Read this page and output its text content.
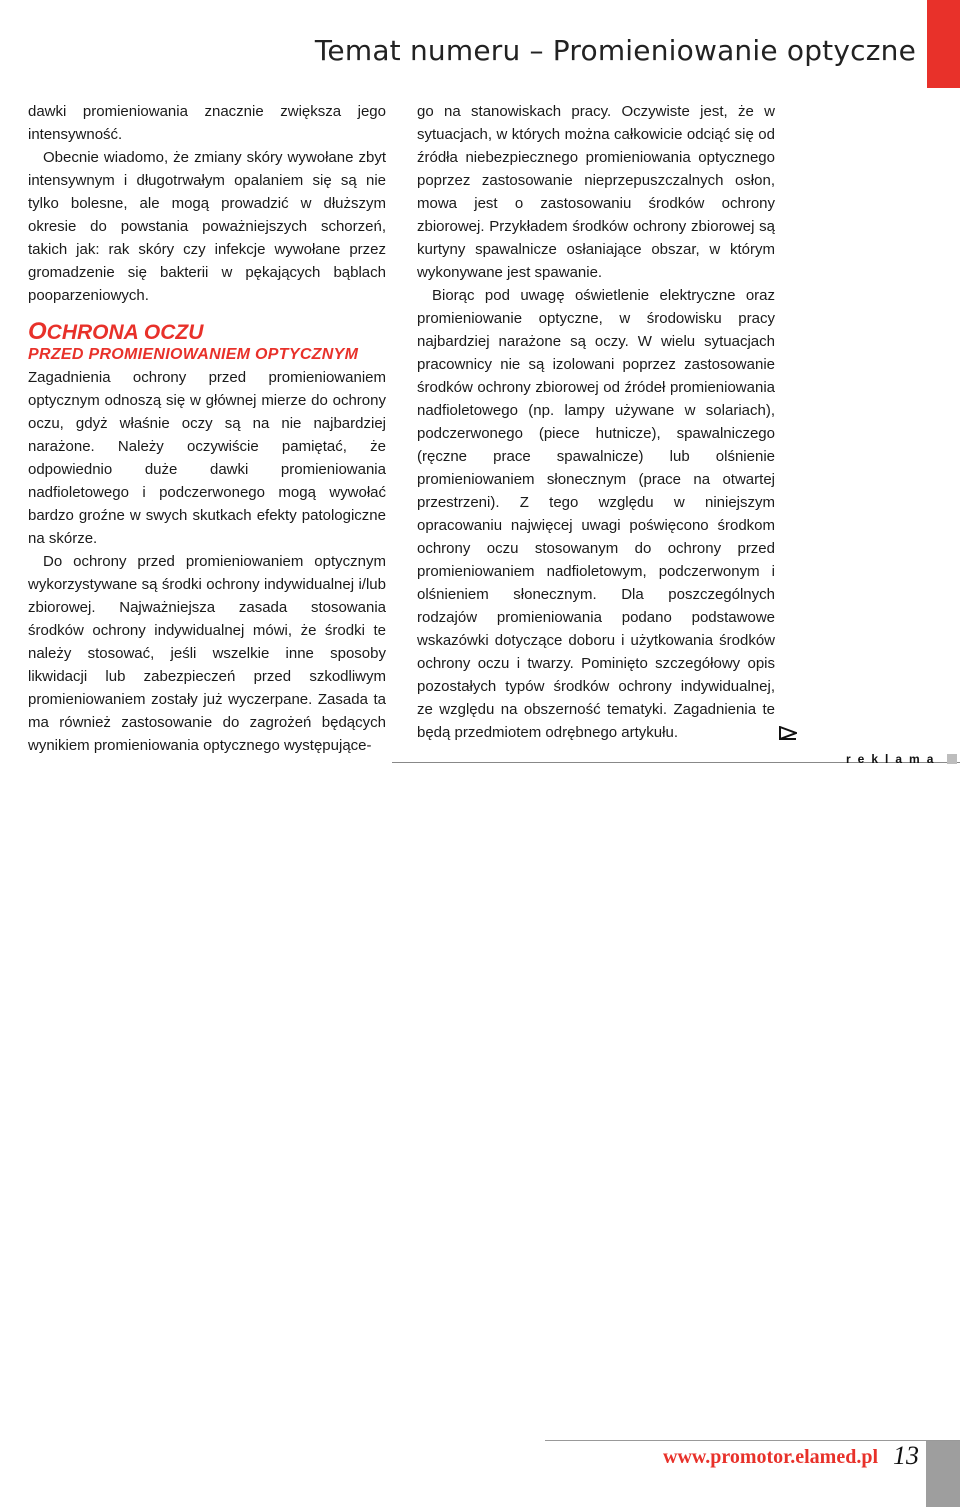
Temat numeru – Promieniowanie optyczne

dawki promieniowania znacznie zwiększa jego intensywność.

Obecnie wiadomo, że zmiany skóry wywołane zbyt intensywnym i długotrwałym opalaniem się są nie tylko bolesne, ale mogą prowadzić w dłuższym okresie do powstania poważniejszych schorzeń, takich jak: rak skóry czy infekcje wywołane przez gromadzenie się bakterii w pękających bąblach pooparzeniowych.

OCHRONA OCZU
PRZED PROMIENIOWANIEM OPTYCZNYM

Zagadnienia ochrony przed promieniowaniem optycznym odnoszą się w głównej mierze do ochrony oczu, gdyż właśnie oczy są na nie najbardziej narażone. Należy oczywiście pamiętać, że odpowiednio duże dawki promieniowania nadfioletowego i podczerwonego mogą wywołać bardzo groźne w swych skutkach efekty patologiczne na skórze.

Do ochrony przed promieniowaniem optycznym wykorzystywane są środki ochrony indywidualnej i/lub zbiorowej. Najważniejsza zasada stosowania środków ochrony indywidualnej mówi, że środki te należy stosować, jeśli wszelkie inne sposoby likwidacji lub zabezpieczeń przed szkodliwym promieniowaniem zostały już wyczerpane. Zasada ta ma również zastosowanie do zagrożeń będących wynikiem promieniowania optycznego występujące-

go na stanowiskach pracy. Oczywiste jest, że w sytuacjach, w których można całkowicie odciąć się od źródła niebezpiecznego promieniowania optycznego poprzez zastosowanie nieprzepuszczalnych osłon, mowa jest o zastosowaniu środków ochrony zbiorowej. Przykładem środków ochrony zbiorowej są kurtyny spawalnicze osłaniające obszar, w którym wykonywane jest spawanie.

Biorąc pod uwagę oświetlenie elektryczne oraz promieniowanie optyczne, w środowisku pracy najbardziej narażone są oczy. W wielu sytuacjach pracownicy nie są izolowani poprzez zastosowanie środków ochrony zbiorowej od źródeł promieniowania nadfioletowego (np. lampy używane w solariach), podczerwonego (piece hutnicze), spawalniczego (ręczne prace spawalnicze) lub olśnienie promieniowaniem słonecznym (prace na otwartej przestrzeni). Z tego względu w niniejszym opracowaniu najwięcej uwagi poświęcono środkom ochrony oczu stosowanym do ochrony przed promieniowaniem nadfioletowym, podczerwonym i olśnieniem słonecznym. Dla poszczególnych rodzajów promieniowania podano podstawowe wskazówki dotyczące doboru i użytkowania środków ochrony oczu i twarzy. Pominięto szczegółowy opis pozostałych typów środków ochrony indywidualnej, ze względu na obszerność tematyki. Zagadnienia te będą przedmiotem odrębnego artykułu.

reklama
www.promotor.elamed.pl 13
